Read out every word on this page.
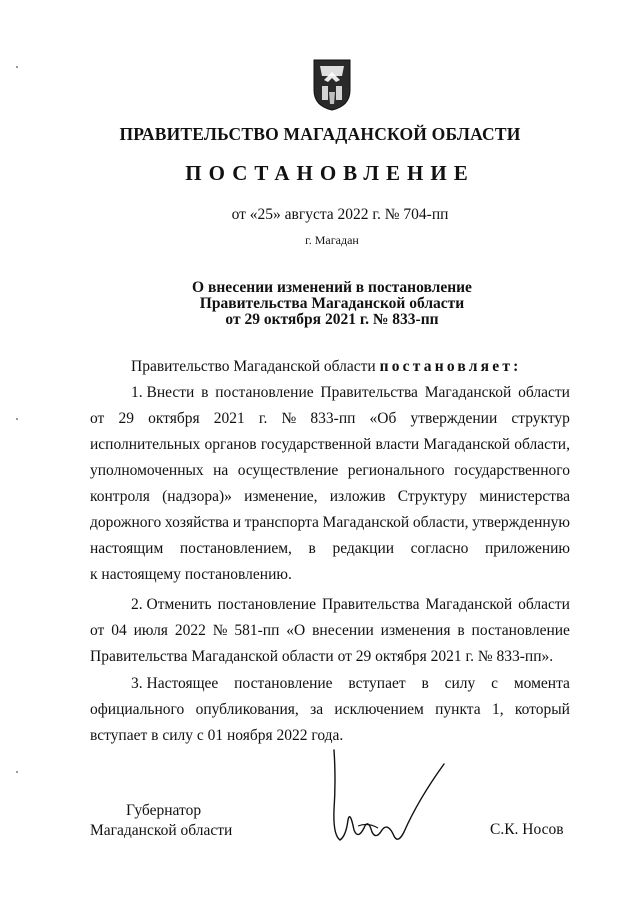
ПРАВИТЕЛЬСТВО МАГАДАНСКОЙ ОБЛАСТИ
ПОСТАНОВЛЕНИЕ
от «25» августа 2022 г. № 704-пп
г. Магадан
О внесении изменений в постановление
Правительства Магаданской области
от 29 октября 2021 г. № 833-пп
Правительство Магаданской области постановляет:
1. Внести в постановление Правительства Магаданской области
от 29 октября 2021 г. № 833-пп «Об утверждении структур
исполнительных органов государственной власти Магаданской области,
уполномоченных на осуществление регионального государственного
контроля (надзора)» изменение, изложив Структуру министерства
дорожного хозяйства и транспорта Магаданской области, утвержденную
настоящим постановлением, в редакции согласно приложению
к настоящему постановлению.
2. Отменить постановление Правительства Магаданской области
от 04 июля 2022 № 581-пп «О внесении изменения в постановление
Правительства Магаданской области от 29 октября 2021 г. № 833-пп».
3. Настоящее постановление вступает в силу с момента
официального опубликования, за исключением пункта 1, который
вступает в силу с 01 ноября 2022 года.
Губернатор
Магаданской области	С.К. Носов
